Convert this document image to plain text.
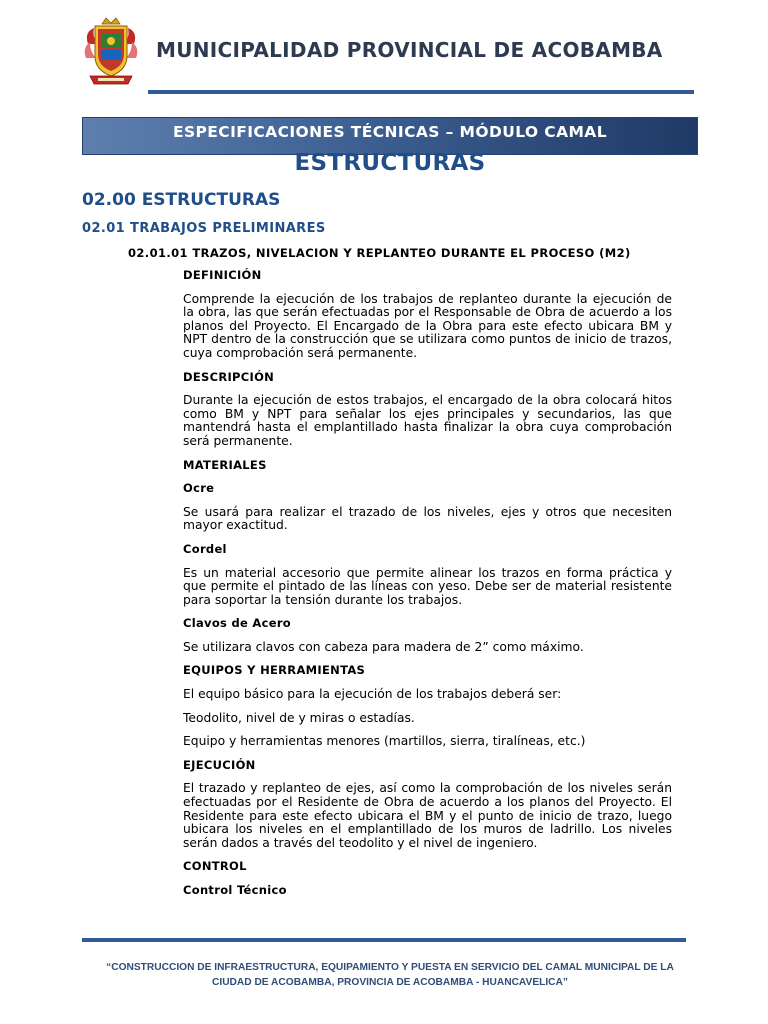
MUNICIPALIDAD PROVINCIAL DE ACOBAMBA
ESPECIFICACIONES TÉCNICAS – MÓDULO CAMAL
ESTRUCTURAS
02.00 ESTRUCTURAS
02.01 TRABAJOS PRELIMINARES
02.01.01 TRAZOS, NIVELACION Y REPLANTEO DURANTE EL PROCESO (M2)
DEFINICIÓN

Comprende la ejecución de los trabajos de replanteo durante la ejecución de la obra, las que serán efectuadas por el Responsable de Obra de acuerdo a los planos del Proyecto. El Encargado de la Obra para este efecto ubicara BM y NPT dentro de la construcción que se utilizara como puntos de inicio de trazos, cuya comprobación será permanente.

DESCRIPCIÓN

Durante la ejecución de estos trabajos, el encargado de la obra colocará hitos como BM y NPT para señalar los ejes principales y secundarios, las que mantendrá hasta el emplantillado hasta finalizar la obra cuya comprobación será permanente.

MATERIALES
Ocre

Se usará para realizar el trazado de los niveles, ejes y otros que necesiten mayor exactitud.

Cordel

Es un material accesorio que permite alinear los trazos en forma práctica y que permite el pintado de las líneas con yeso. Debe ser de material resistente para soportar la tensión durante los trabajos.

Clavos de Acero

Se utilizara clavos con cabeza para madera de 2” como máximo.

EQUIPOS Y HERRAMIENTAS

El equipo básico para la ejecución de los trabajos deberá ser:

Teodolito, nivel de y miras o estadías.

Equipo y herramientas menores (martillos, sierra, tiralíneas, etc.)

EJECUCIÓN

El trazado y replanteo de ejes, así como la comprobación de los niveles serán efectuadas por el Residente de Obra de acuerdo a los planos del Proyecto. El Residente para este efecto ubicara el BM y el punto de inicio de trazo, luego ubicara los niveles en el emplantillado de los muros de ladrillo. Los niveles serán dados a través del teodolito y el nivel de ingeniero.

CONTROL
Control Técnico
“CONSTRUCCION DE INFRAESTRUCTURA, EQUIPAMIENTO Y PUESTA EN SERVICIO DEL CAMAL MUNICIPAL DE LA
CIUDAD DE ACOBAMBA, PROVINCIA DE ACOBAMBA - HUANCAVELICA”
